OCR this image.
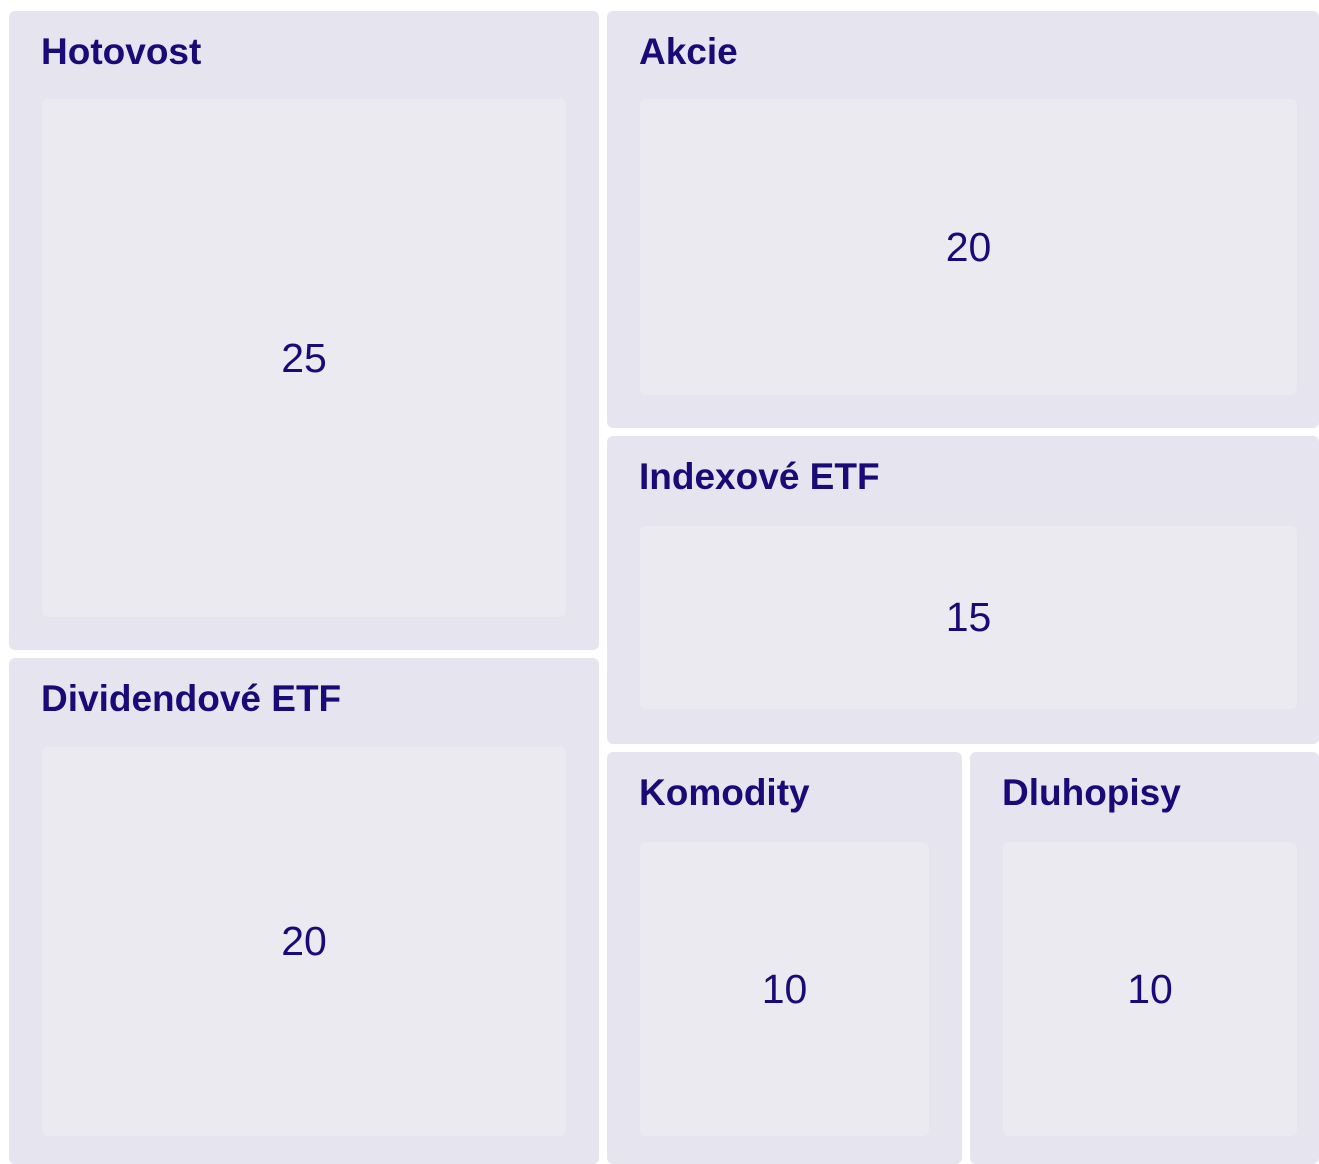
Hotovost
25
Akcie
20
Indexové ETF
15
Dividendové ETF
20
Komodity
10
Dluhopisy
10
